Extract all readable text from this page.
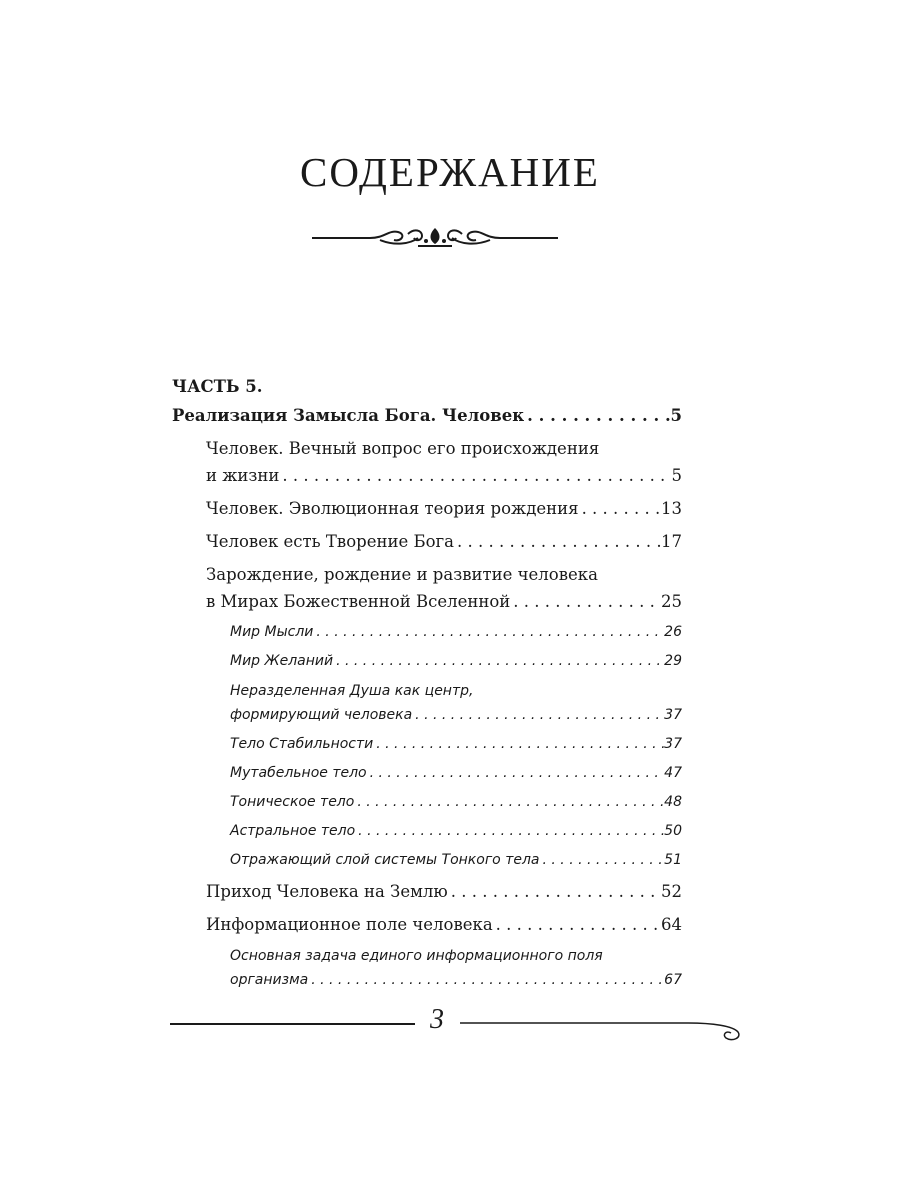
СОДЕРЖАНИЕ
ЧАСТЬ 5.
Реализация Замысла Бога. Человек . . .	5
Человек. Вечный вопрос его происхождения
и жизни . . .	5
Человек. Эволюционная теория рождения . . .	13
Человек есть Творение Бога . . .	17
Зарождение, рождение и развитие человека
в Мирах Божественной Вселенной . . .	25
Мир Мысли . . .	26
Мир Желаний . . .	29
Неразделенная Душа как центр,
формирующий человека . . .	37
Тело Стабильности . . .	37
Мутабельное тело . . .	47
Тоническое тело . . .	48
Астральное тело . . .	50
Отражающий слой системы Тонкого тела . . .	51
Приход Человека на Землю . . .	52
Информационное поле человека . . .	64
Основная задача единого информационного поля
организма . . .	67
3
